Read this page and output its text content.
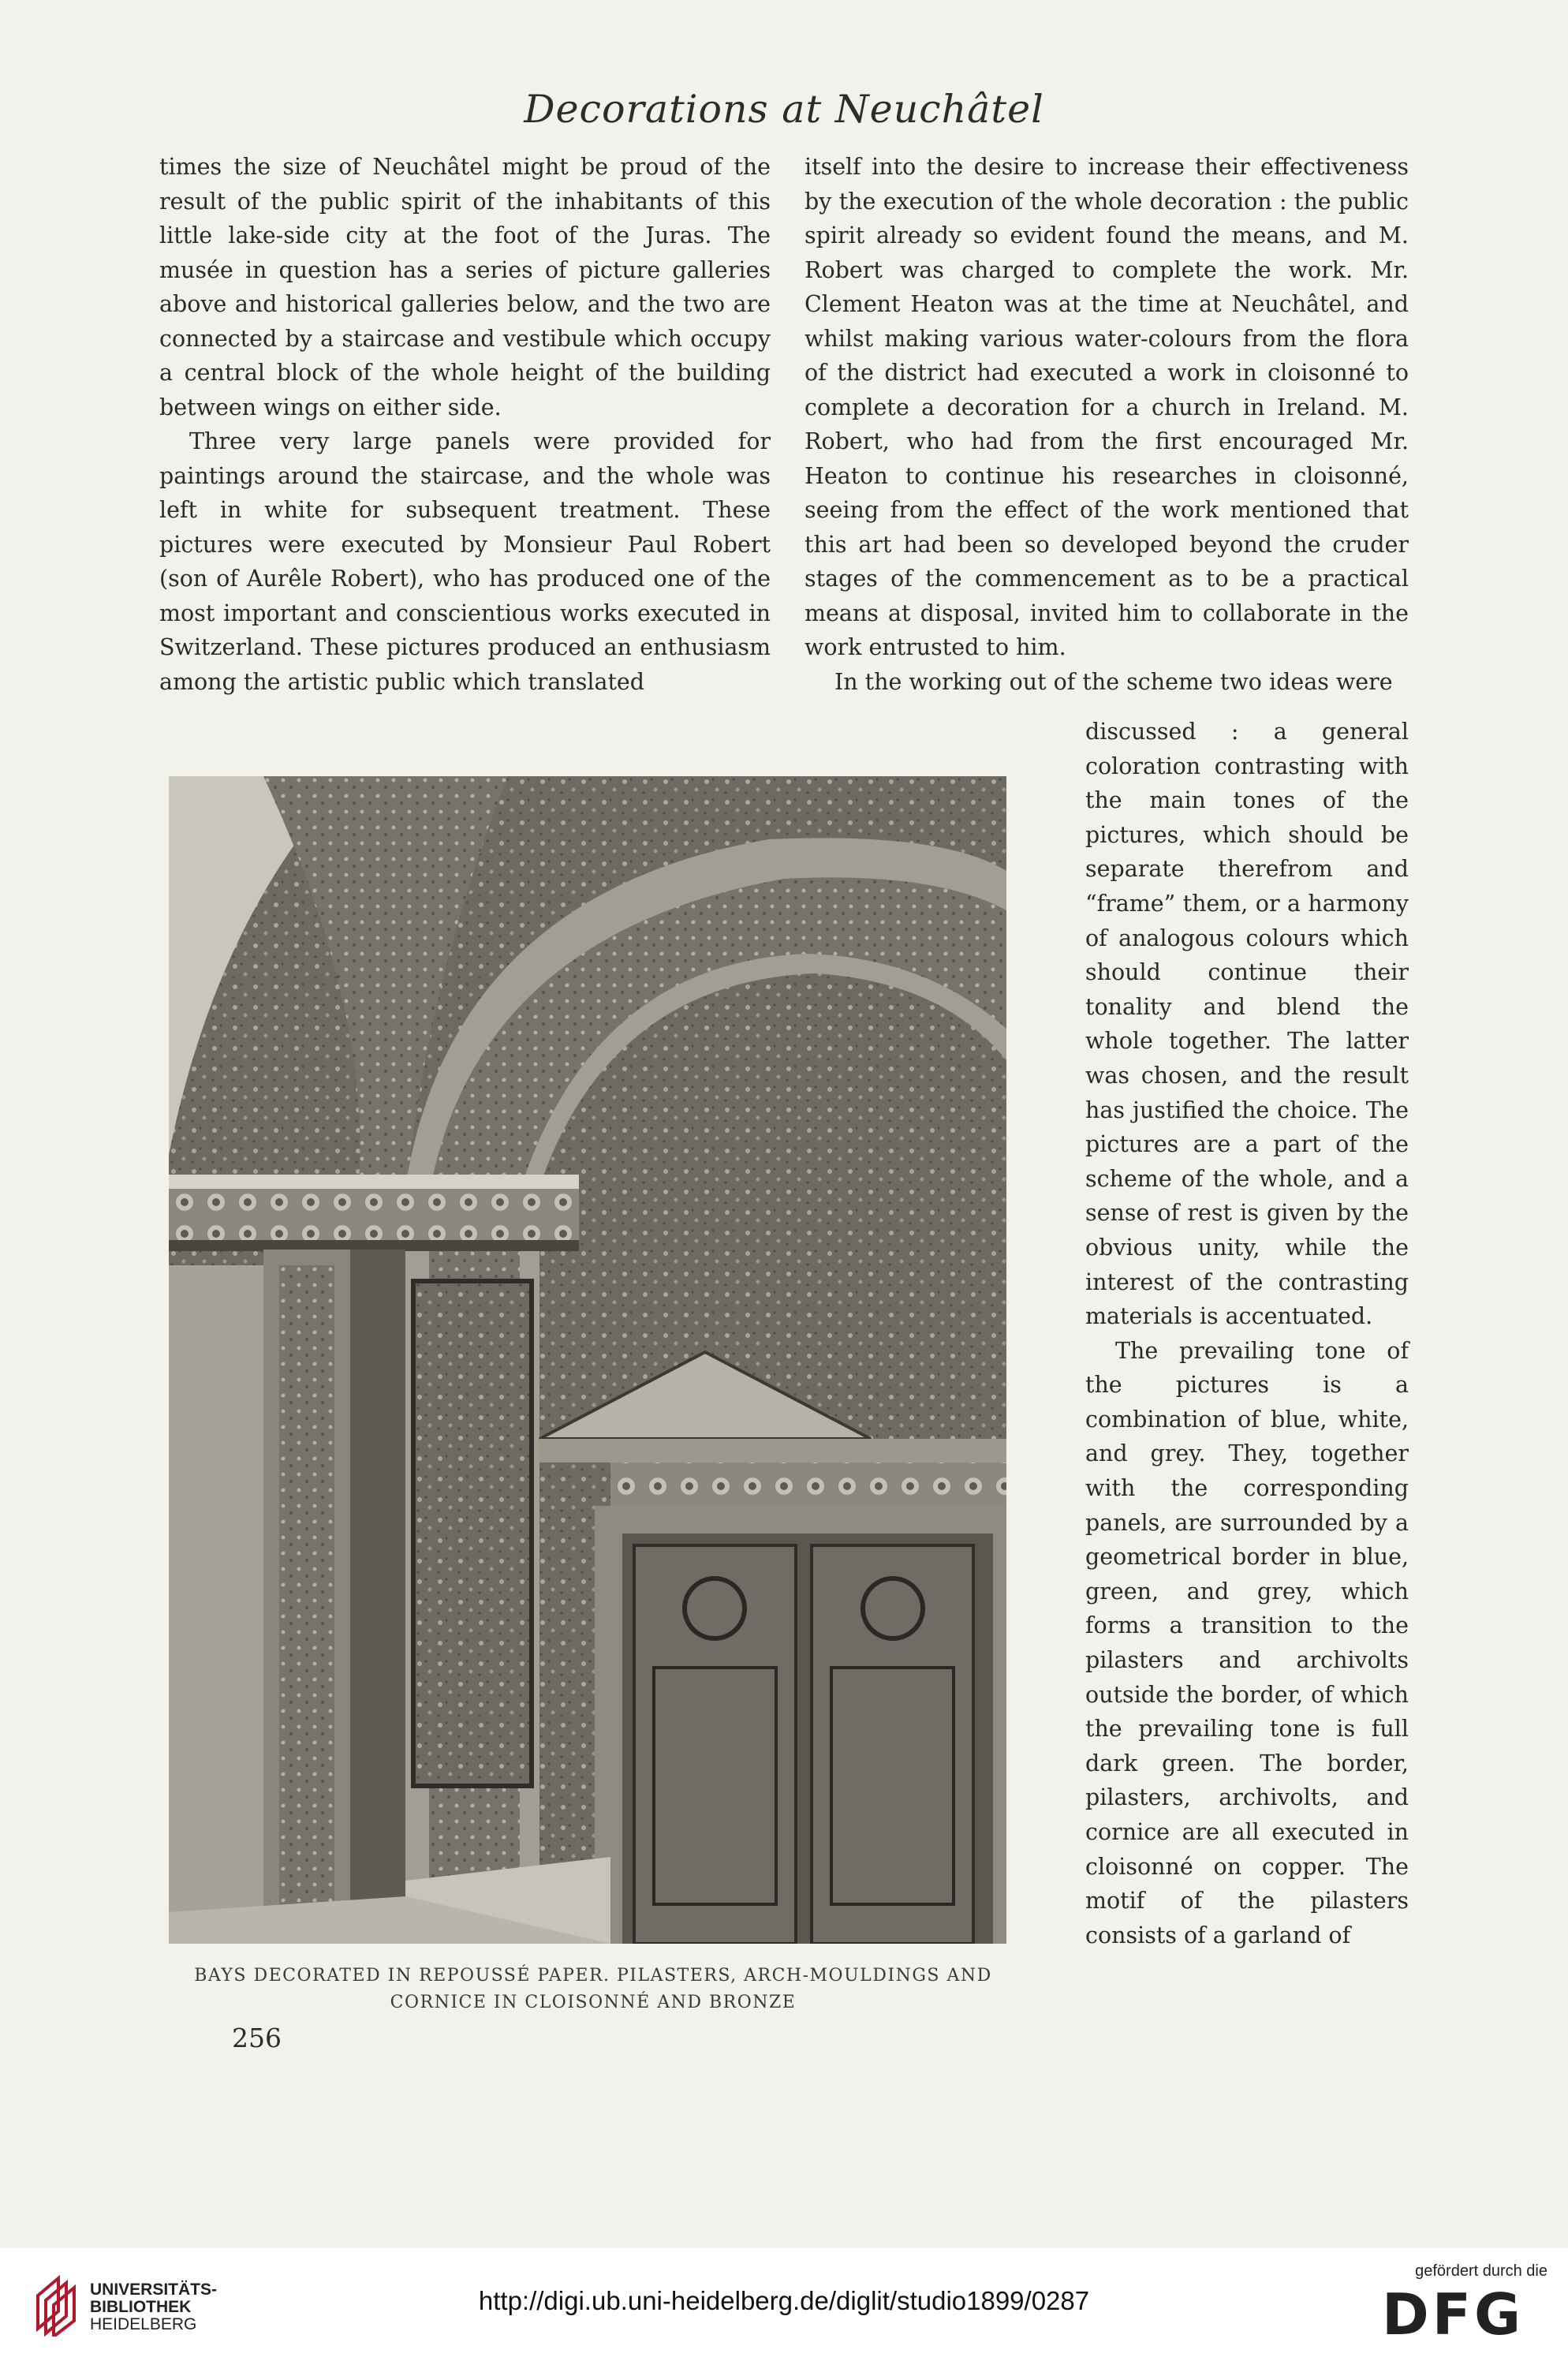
Decorations at Neuchâtel

times the size of Neuchâtel might be proud of the result of the public spirit of the inhabitants of this little lake-side city at the foot of the Juras. The musée in question has a series of picture galleries above and historical galleries below, and the two are connected by a staircase and vestibule which occupy a central block of the whole height of the building between wings on either side.

Three very large panels were provided for paintings around the staircase, and the whole was left in white for subsequent treatment. These pictures were executed by Monsieur Paul Robert (son of Aurêle Robert), who has produced one of the most important and conscientious works executed in Switzerland. These pictures produced an enthusiasm among the artistic public which translated

itself into the desire to increase their effectiveness by the execution of the whole decoration : the public spirit already so evident found the means, and M. Robert was charged to complete the work. Mr. Clement Heaton was at the time at Neuchâtel, and whilst making various water-colours from the flora of the district had executed a work in cloisonné to complete a decoration for a church in Ireland. M. Robert, who had from the first encouraged Mr. Heaton to continue his researches in cloisonné, seeing from the effect of the work mentioned that this art had been so developed beyond the cruder stages of the commencement as to be a practical means at disposal, invited him to collaborate in the work entrusted to him.

In the working out of the scheme two ideas were

discussed : a general coloration contrasting with the main tones of the pictures, which should be separate therefrom and “frame” them, or a harmony of analogous colours which should continue their tonality and blend the whole together. The latter was chosen, and the result has justified the choice. The pictures are a part of the scheme of the whole, and a sense of rest is given by the obvious unity, while the interest of the contrasting materials is accentuated.

The prevailing tone of the pictures is a combination of blue, white, and grey. They, together with the corresponding panels, are surrounded by a geometrical border in blue, green, and grey, which forms a transition to the pilasters and archivolts outside the border, of which the prevailing tone is full dark green. The border, pilasters, archivolts, and cornice are all executed in cloisonné on copper. The motif of the pilasters consists of a garland of

BAYS DECORATED IN REPOUSSÉ PAPER. PILASTERS, ARCH-MOULDINGS AND
CORNICE IN CLOISONNÉ AND BRONZE
256
UNIVERSITÄTS-
BIBLIOTHEK
HEIDELBERG
http://digi.ub.uni-heidelberg.de/diglit/studio1899/0287
gefördert durch die
DFG
